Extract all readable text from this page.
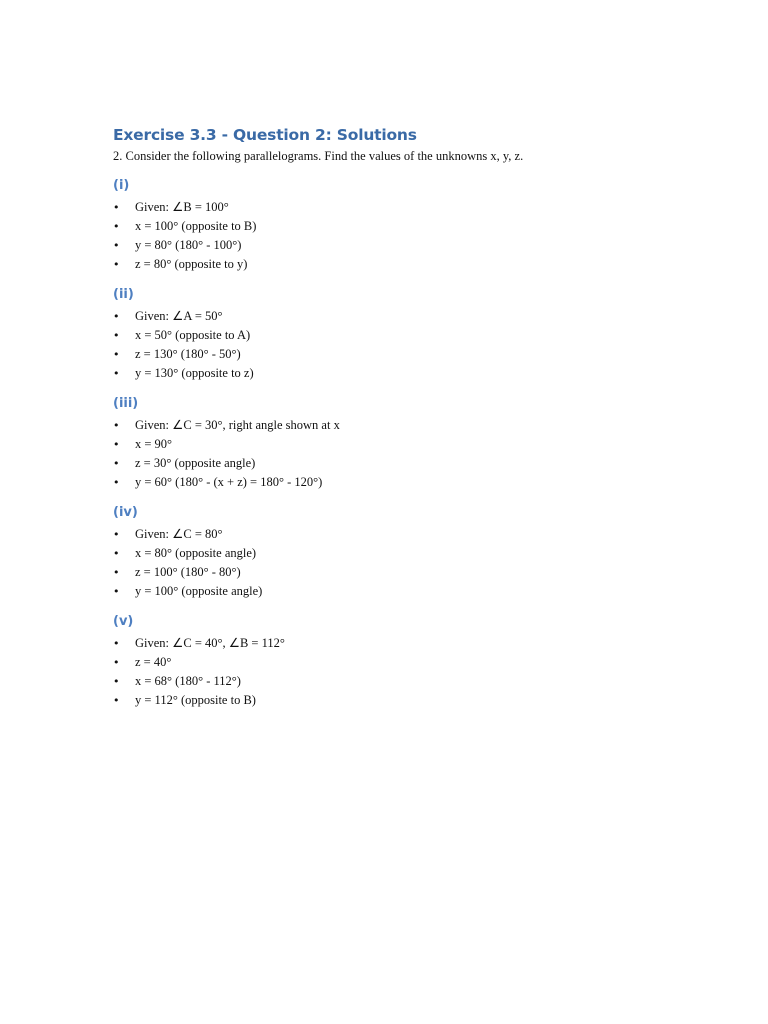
Exercise 3.3 - Question 2: Solutions

2. Consider the following parallelograms. Find the values of the unknowns x, y, z.

(i)
• Given: ∠B = 100°
• x = 100° (opposite to B)
• y = 80° (180° - 100°)
• z = 80° (opposite to y)
(ii)
• Given: ∠A = 50°
• x = 50° (opposite to A)
• z = 130° (180° - 50°)
• y = 130° (opposite to z)
(iii)
• Given: ∠C = 30°, right angle shown at x
• x = 90°
• z = 30° (opposite angle)
• y = 60° (180° - (x + z) = 180° - 120°)
(iv)
• Given: ∠C = 80°
• x = 80° (opposite angle)
• z = 100° (180° - 80°)
• y = 100° (opposite angle)
(v)
• Given: ∠C = 40°, ∠B = 112°
• z = 40°
• x = 68° (180° - 112°)
• y = 112° (opposite to B)
